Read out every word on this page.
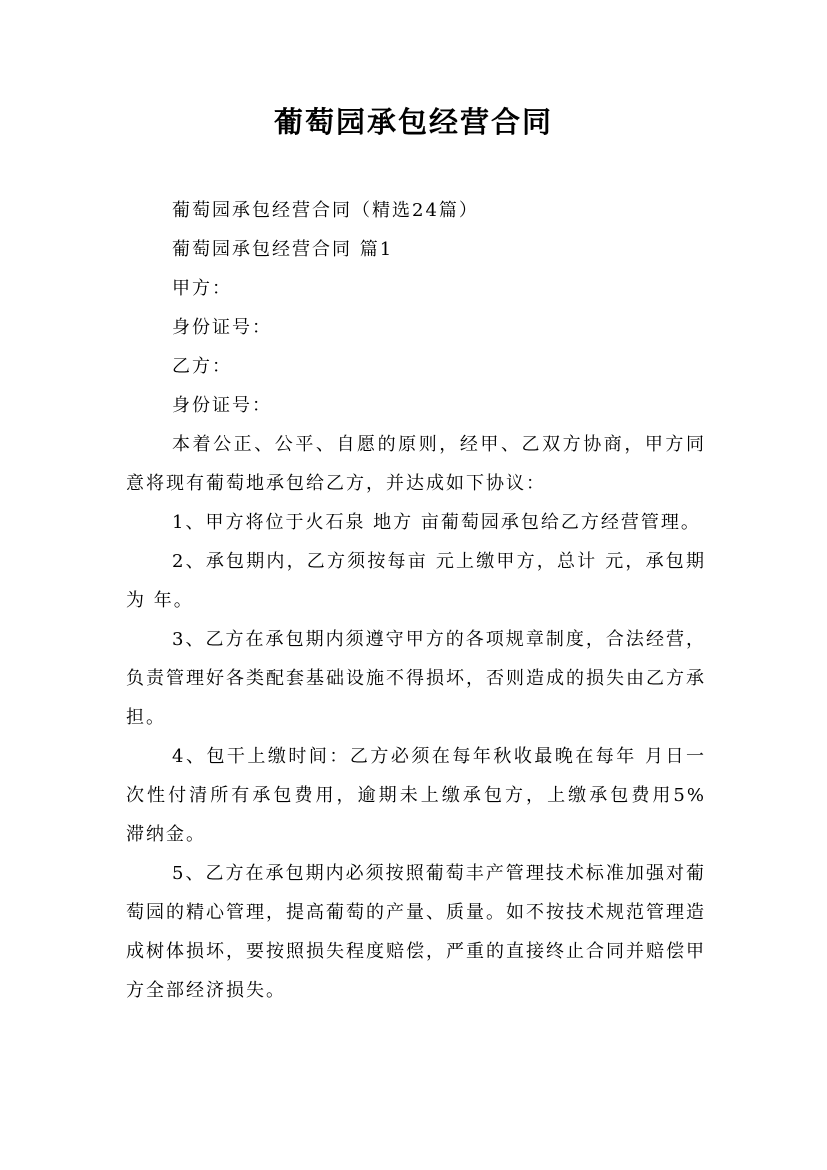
葡萄园承包经营合同

葡萄园承包经营合同（精选24篇）

葡萄园承包经营合同 篇1

甲方：

身份证号：

乙方：

身份证号：

本着公正、公平、自愿的原则，经甲、乙双方协商，甲方同意将现有葡萄地承包给乙方，并达成如下协议：

1、甲方将位于火石泉 地方 亩葡萄园承包给乙方经营管理。

2、承包期内，乙方须按每亩 元上缴甲方，总计 元，承包期为 年。

3、乙方在承包期内须遵守甲方的各项规章制度，合法经营，负责管理好各类配套基础设施不得损坏，否则造成的损失由乙方承担。

4、包干上缴时间：乙方必须在每年秋收最晚在每年 月日一次性付清所有承包费用，逾期未上缴承包方，上缴承包费用5% 滞纳金。

5、乙方在承包期内必须按照葡萄丰产管理技术标准加强对葡萄园的精心管理，提高葡萄的产量、质量。如不按技术规范管理造成树体损坏，要按照损失程度赔偿，严重的直接终止合同并赔偿甲方全部经济损失。
